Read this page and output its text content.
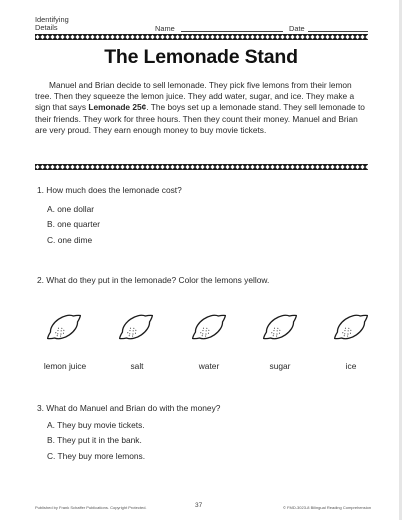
Identifying
Details	Name	Date
The Lemonade Stand

Manuel and Brian decide to sell lemonade. They pick five lemons from their lemon tree. Then they squeeze the lemon juice. They add water, sugar, and ice. They make a sign that says Lemonade 25¢. The boys set up a lemonade stand. They sell lemonade to their friends. They work for three hours. Then they count their money. Manuel and Brian are very proud. They earn enough money to buy movie tickets.

1. How much does the lemonade cost?
A. one dollar
B. one quarter
C. one dime
2. What do they put in the lemonade? Color the lemons yellow.
lemon juice	salt	water	sugar	ice
3. What do Manuel and Brian do with the money?
A. They buy movie tickets.
B. They put it in the bank.
C. They buy more lemons.
Published by Frank Schaffer Publications. Copyright Protected.	37	© FMD-3023-8 Bilingual Reading Comprehension
